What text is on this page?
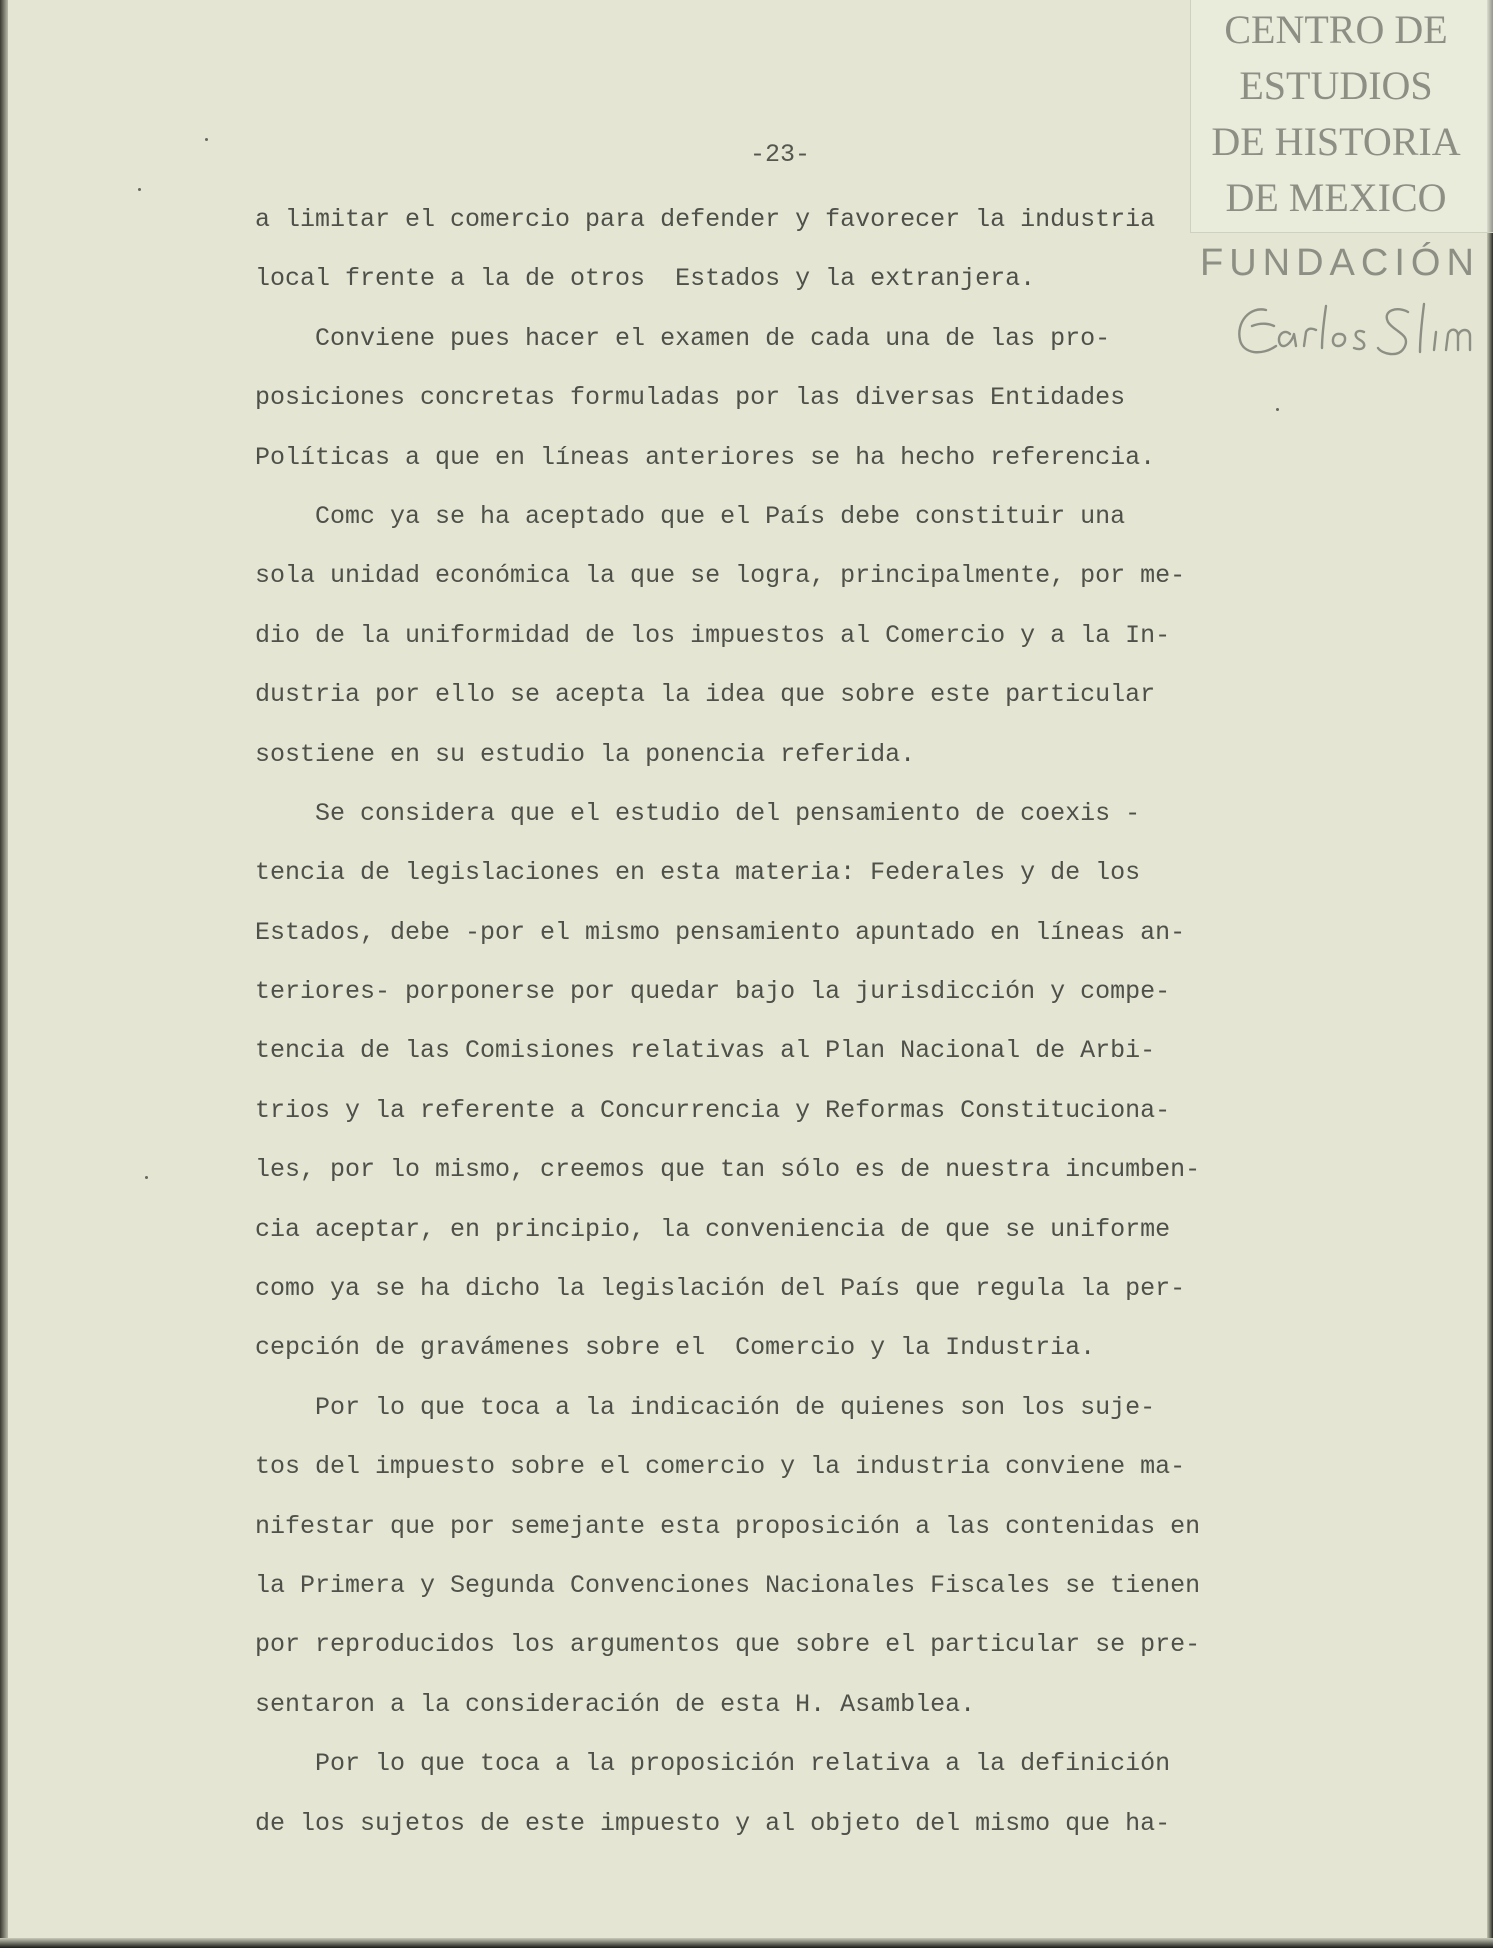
-23-
a limitar el comercio para defender y favorecer la industria
local frente a la de otros  Estados y la extranjera.
Conviene pues hacer el examen de cada una de las pro-
posiciones concretas formuladas por las diversas Entidades
Políticas a que en líneas anteriores se ha hecho referencia.
Comc ya se ha aceptado que el País debe constituir una
sola unidad económica la que se logra, principalmente, por me-
dio de la uniformidad de los impuestos al Comercio y a la In-
dustria por ello se acepta la idea que sobre este particular
sostiene en su estudio la ponencia referida.
Se considera que el estudio del pensamiento de coexis -
tencia de legislaciones en esta materia: Federales y de los
Estados, debe -por el mismo pensamiento apuntado en líneas an-
teriores- porponerse por quedar bajo la jurisdicción y compe-
tencia de las Comisiones relativas al Plan Nacional de Arbi-
trios y la referente a Concurrencia y Reformas Constituciona-
les, por lo mismo, creemos que tan sólo es de nuestra incumben-
cia aceptar, en principio, la conveniencia de que se uniforme
como ya se ha dicho la legislación del País que regula la per-
cepción de gravámenes sobre el  Comercio y la Industria.
Por lo que toca a la indicación de quienes son los suje-
tos del impuesto sobre el comercio y la industria conviene ma-
nifestar que por semejante esta proposición a las contenidas en
la Primera y Segunda Convenciones Nacionales Fiscales se tienen
por reproducidos los argumentos que sobre el particular se pre-
sentaron a la consideración de esta H. Asamblea.
Por lo que toca a la proposición relativa a la definición
de los sujetos de este impuesto y al objeto del mismo que ha-
CENTRO DE
ESTUDIOS
DE HISTORIA
DE MEXICO
FUNDACIÓN
